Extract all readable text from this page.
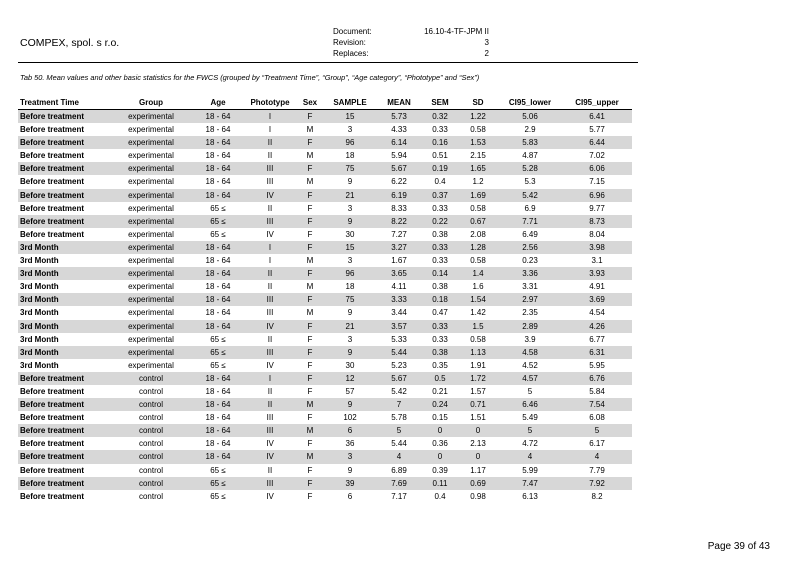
COMPEX, spol. s r.o.
Document:	16.10-4-TF-JPM II
Revision:	3
Replaces:	2
Tab 50. Mean values and other basic statistics for the FWCS (grouped by “Treatment Time”, “Group”, “Age category”, “Phototype” and “Sex”)
Treatment Time	Group	Age	Phototype	Sex	SAMPLE	MEAN	SEM	SD	CI95_lower	CI95_upper
Before treatment	experimental	18 - 64	I	F	15	5.73	0.32	1.22	5.06	6.41
Before treatment	experimental	18 - 64	I	M	3	4.33	0.33	0.58	2.9	5.77
Before treatment	experimental	18 - 64	II	F	96	6.14	0.16	1.53	5.83	6.44
Before treatment	experimental	18 - 64	II	M	18	5.94	0.51	2.15	4.87	7.02
Before treatment	experimental	18 - 64	III	F	75	5.67	0.19	1.65	5.28	6.06
Before treatment	experimental	18 - 64	III	M	9	6.22	0.4	1.2	5.3	7.15
Before treatment	experimental	18 - 64	IV	F	21	6.19	0.37	1.69	5.42	6.96
Before treatment	experimental	65 ≤	II	F	3	8.33	0.33	0.58	6.9	9.77
Before treatment	experimental	65 ≤	III	F	9	8.22	0.22	0.67	7.71	8.73
Before treatment	experimental	65 ≤	IV	F	30	7.27	0.38	2.08	6.49	8.04
3rd Month	experimental	18 - 64	I	F	15	3.27	0.33	1.28	2.56	3.98
3rd Month	experimental	18 - 64	I	M	3	1.67	0.33	0.58	0.23	3.1
3rd Month	experimental	18 - 64	II	F	96	3.65	0.14	1.4	3.36	3.93
3rd Month	experimental	18 - 64	II	M	18	4.11	0.38	1.6	3.31	4.91
3rd Month	experimental	18 - 64	III	F	75	3.33	0.18	1.54	2.97	3.69
3rd Month	experimental	18 - 64	III	M	9	3.44	0.47	1.42	2.35	4.54
3rd Month	experimental	18 - 64	IV	F	21	3.57	0.33	1.5	2.89	4.26
3rd Month	experimental	65 ≤	II	F	3	5.33	0.33	0.58	3.9	6.77
3rd Month	experimental	65 ≤	III	F	9	5.44	0.38	1.13	4.58	6.31
3rd Month	experimental	65 ≤	IV	F	30	5.23	0.35	1.91	4.52	5.95
Before treatment	control	18 - 64	I	F	12	5.67	0.5	1.72	4.57	6.76
Before treatment	control	18 - 64	II	F	57	5.42	0.21	1.57	5	5.84
Before treatment	control	18 - 64	II	M	9	7	0.24	0.71	6.46	7.54
Before treatment	control	18 - 64	III	F	102	5.78	0.15	1.51	5.49	6.08
Before treatment	control	18 - 64	III	M	6	5	0	0	5	5
Before treatment	control	18 - 64	IV	F	36	5.44	0.36	2.13	4.72	6.17
Before treatment	control	18 - 64	IV	M	3	4	0	0	4	4
Before treatment	control	65 ≤	II	F	9	6.89	0.39	1.17	5.99	7.79
Before treatment	control	65 ≤	III	F	39	7.69	0.11	0.69	7.47	7.92
Before treatment	control	65 ≤	IV	F	6	7.17	0.4	0.98	6.13	8.2
Page 39 of 43
